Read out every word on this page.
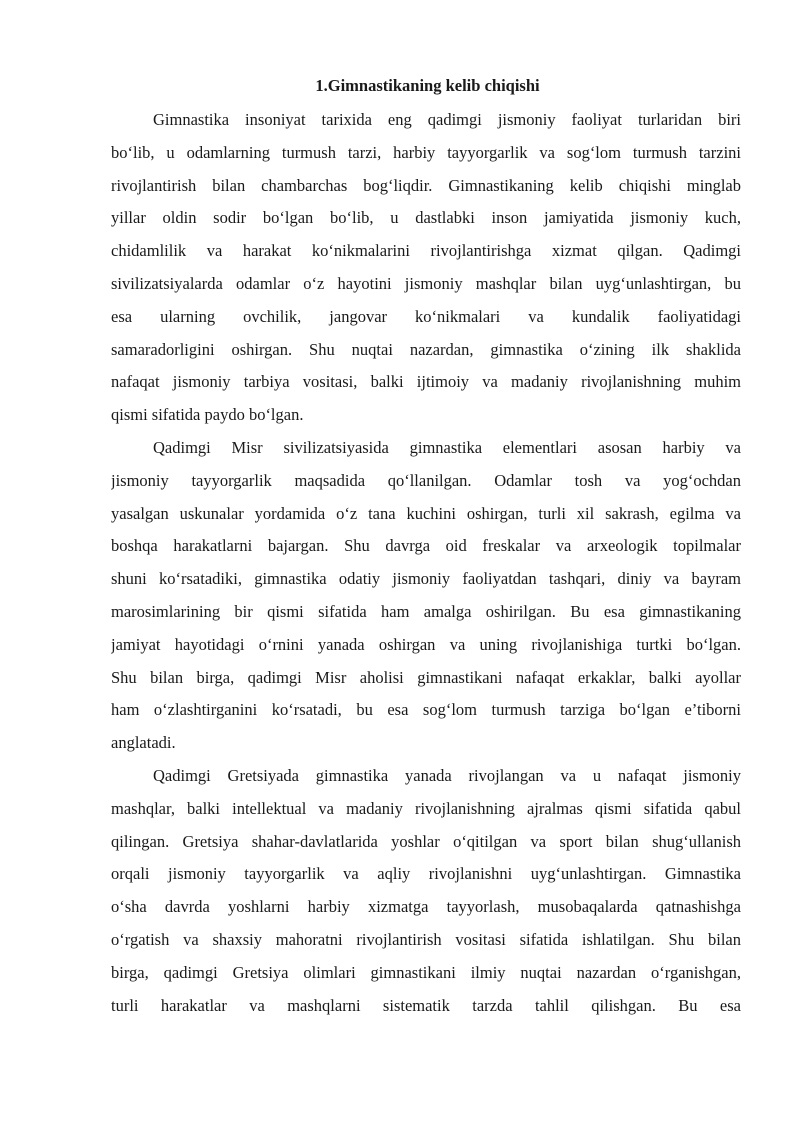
1.Gimnastikaning kelib chiqishi

Gimnastika insoniyat tarixida eng qadimgi jismoniy faoliyat turlaridan biri
bo‘lib, u odamlarning turmush tarzi, harbiy tayyorgarlik va sog‘lom turmush tarzini
rivojlantirish bilan chambarchas bog‘liqdir. Gimnastikaning kelib chiqishi minglab
yillar oldin sodir bo‘lgan bo‘lib, u dastlabki inson jamiyatida jismoniy kuch,
chidamlilik va harakat ko‘nikmalarini rivojlantirishga xizmat qilgan. Qadimgi
sivilizatsiyalarda odamlar o‘z hayotini jismoniy mashqlar bilan uyg‘unlashtirgan, bu
esa ularning ovchilik, jangovar ko‘nikmalari va kundalik faoliyatidagi
samaradorligini oshirgan. Shu nuqtai nazardan, gimnastika o‘zining ilk shaklida
nafaqat jismoniy tarbiya vositasi, balki ijtimoiy va madaniy rivojlanishning muhim
qismi sifatida paydo bo‘lgan.

Qadimgi Misr sivilizatsiyasida gimnastika elementlari asosan harbiy va
jismoniy tayyorgarlik maqsadida qo‘llanilgan. Odamlar tosh va yog‘ochdan
yasalgan uskunalar yordamida o‘z tana kuchini oshirgan, turli xil sakrash, egilma va
boshqa harakatlarni bajargan. Shu davrga oid freskalar va arxeologik topilmalar
shuni ko‘rsatadiki, gimnastika odatiy jismoniy faoliyatdan tashqari, diniy va bayram
marosimlarining bir qismi sifatida ham amalga oshirilgan. Bu esa gimnastikaning
jamiyat hayotidagi o‘rnini yanada oshirgan va uning rivojlanishiga turtki bo‘lgan.
Shu bilan birga, qadimgi Misr aholisi gimnastikani nafaqat erkaklar, balki ayollar
ham o‘zlashtirganini ko‘rsatadi, bu esa sog‘lom turmush tarziga bo‘lgan e’tiborni
anglatadi.

Qadimgi Gretsiyada gimnastika yanada rivojlangan va u nafaqat jismoniy
mashqlar, balki intellektual va madaniy rivojlanishning ajralmas qismi sifatida qabul
qilingan. Gretsiya shahar-davlatlarida yoshlar o‘qitilgan va sport bilan shug‘ullanish
orqali jismoniy tayyorgarlik va aqliy rivojlanishni uyg‘unlashtirgan. Gimnastika
o‘sha davrda yoshlarni harbiy xizmatga tayyorlash, musobaqalarda qatnashishga
o‘rgatish va shaxsiy mahoratni rivojlantirish vositasi sifatida ishlatilgan. Shu bilan
birga, qadimgi Gretsiya olimlari gimnastikani ilmiy nuqtai nazardan o‘rganishgan,
turli harakatlar va mashqlarni sistematik tarzda tahlil qilishgan. Bu esa
